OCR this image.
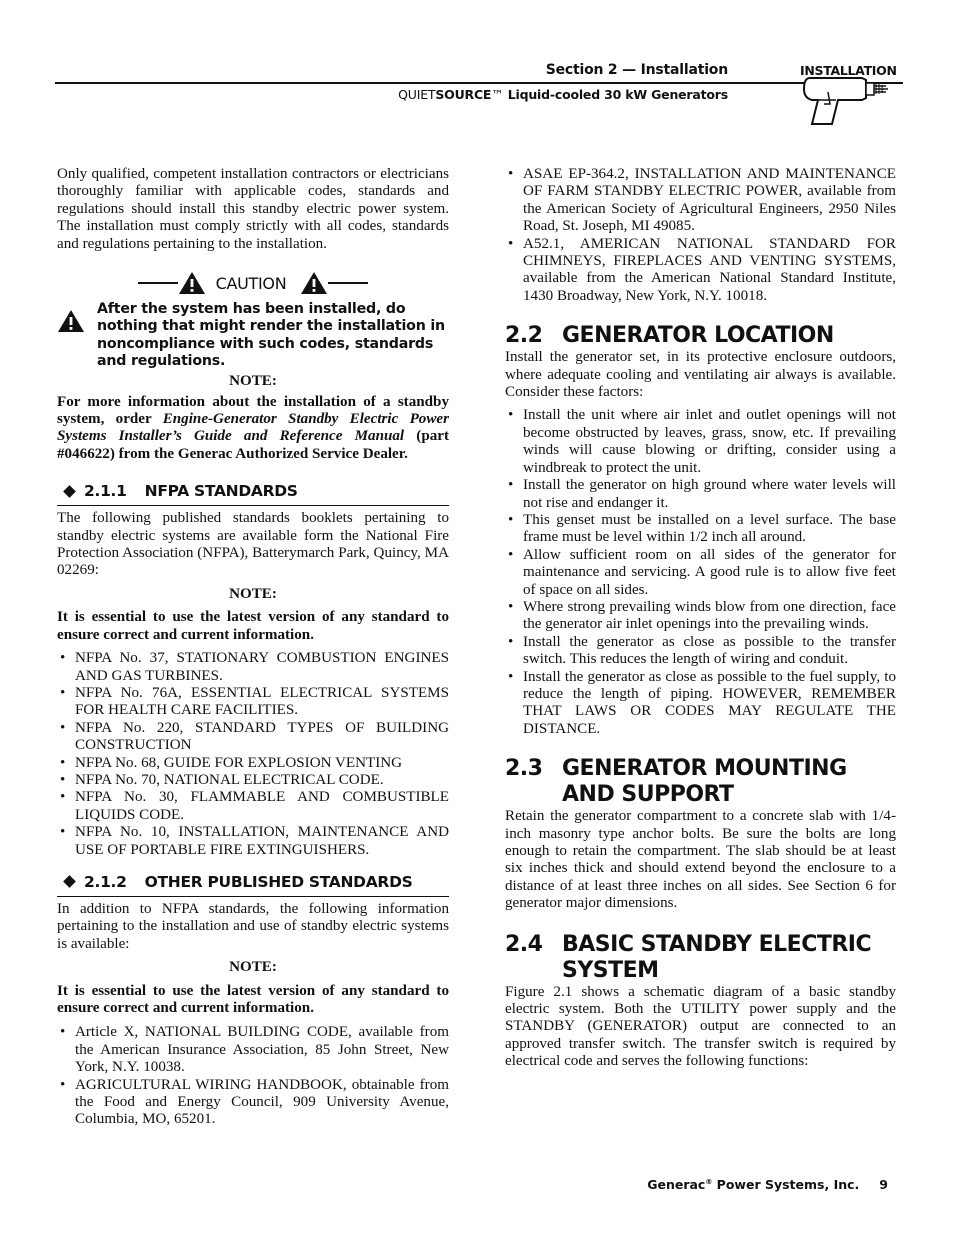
Section 2 — Installation
QUIETSOURCE™ Liquid-cooled 30 kW Generators
INSTALLATION

Only qualified, competent installation contractors or electricians thoroughly familiar with applicable codes, standards and regulations should install this standby electric power system. The installation must comply strictly with all codes, standards and regulations pertaining to the installation.

CAUTION
After the system has been installed, do nothing that might render the installation in noncompliance with such codes, standards and regulations.
NOTE:

For more information about the installation of a standby system, order Engine-Generator Standby Electric Power Systems Installer’s Guide and Reference Manual (part #046622) from the Generac Authorized Service Dealer.

2.1.1 NFPA STANDARDS

The following published standards booklets pertaining to standby electric systems are available form the National Fire Protection Association (NFPA), Batterymarch Park, Quincy, MA 02269:

NOTE:

It is essential to use the latest version of any standard to ensure correct and current information.

• NFPA No. 37, STATIONARY COMBUSTION ENGINES AND GAS TURBINES.
• NFPA No. 76A, ESSENTIAL ELECTRICAL SYSTEMS FOR HEALTH CARE FACILITIES.
• NFPA No. 220, STANDARD TYPES OF BUILDING CONSTRUCTION
• NFPA No. 68, GUIDE FOR EXPLOSION VENTING
• NFPA No. 70, NATIONAL ELECTRICAL CODE.
• NFPA No. 30, FLAMMABLE AND COMBUSTIBLE LIQUIDS CODE.
• NFPA No. 10, INSTALLATION, MAINTENANCE AND USE OF PORTABLE FIRE EXTINGUISHERS.
2.1.2 OTHER PUBLISHED STANDARDS

In addition to NFPA standards, the following information pertaining to the installation and use of standby electric systems is available:

NOTE:

It is essential to use the latest version of any standard to ensure correct and current information.

• Article X, NATIONAL BUILDING CODE, available from the American Insurance Association, 85 John Street, New York, N.Y. 10038.
• AGRICULTURAL WIRING HANDBOOK, obtainable from the Food and Energy Council, 909 University Avenue, Columbia, MO, 65201.
• ASAE EP-364.2, INSTALLATION AND MAINTENANCE OF FARM STANDBY ELECTRIC POWER, available from the American Society of Agricultural Engineers, 2950 Niles Road, St. Joseph, MI 49085.
• A52.1, AMERICAN NATIONAL STANDARD FOR CHIMNEYS, FIREPLACES AND VENTING SYSTEMS, available from the American National Standard Institute, 1430 Broadway, New York, N.Y. 10018.
2.2 GENERATOR LOCATION

Install the generator set, in its protective enclosure outdoors, where adequate cooling and ventilating air always is available. Consider these factors:

• Install the unit where air inlet and outlet openings will not become obstructed by leaves, grass, snow, etc. If prevailing winds will cause blowing or drifting, consider using a windbreak to protect the unit.
• Install the generator on high ground where water levels will not rise and endanger it.
• This genset must be installed on a level surface. The base frame must be level within 1/2 inch all around.
• Allow sufficient room on all sides of the generator for maintenance and servicing. A good rule is to allow five feet of space on all sides.
• Where strong prevailing winds blow from one direction, face the generator air inlet openings into the prevailing winds.
• Install the generator as close as possible to the transfer switch. This reduces the length of wiring and conduit.
• Install the generator as close as possible to the fuel supply, to reduce the length of piping. HOWEVER, REMEMBER THAT LAWS OR CODES MAY REGULATE THE DISTANCE.
2.3 GENERATOR MOUNTING AND SUPPORT

Retain the generator compartment to a concrete slab with 1/4-inch masonry type anchor bolts. Be sure the bolts are long enough to retain the compartment. The slab should be at least six inches thick and should extend beyond the enclosure to a distance of at least three inches on all sides. See Section 6 for generator major dimensions.

2.4 BASIC STANDBY ELECTRIC SYSTEM

Figure 2.1 shows a schematic diagram of a basic standby electric system. Both the UTILITY power supply and the STANDBY (GENERATOR) output are connected to an approved transfer switch. The transfer switch is required by electrical code and serves the following functions:

Generac® Power Systems, Inc. 9
